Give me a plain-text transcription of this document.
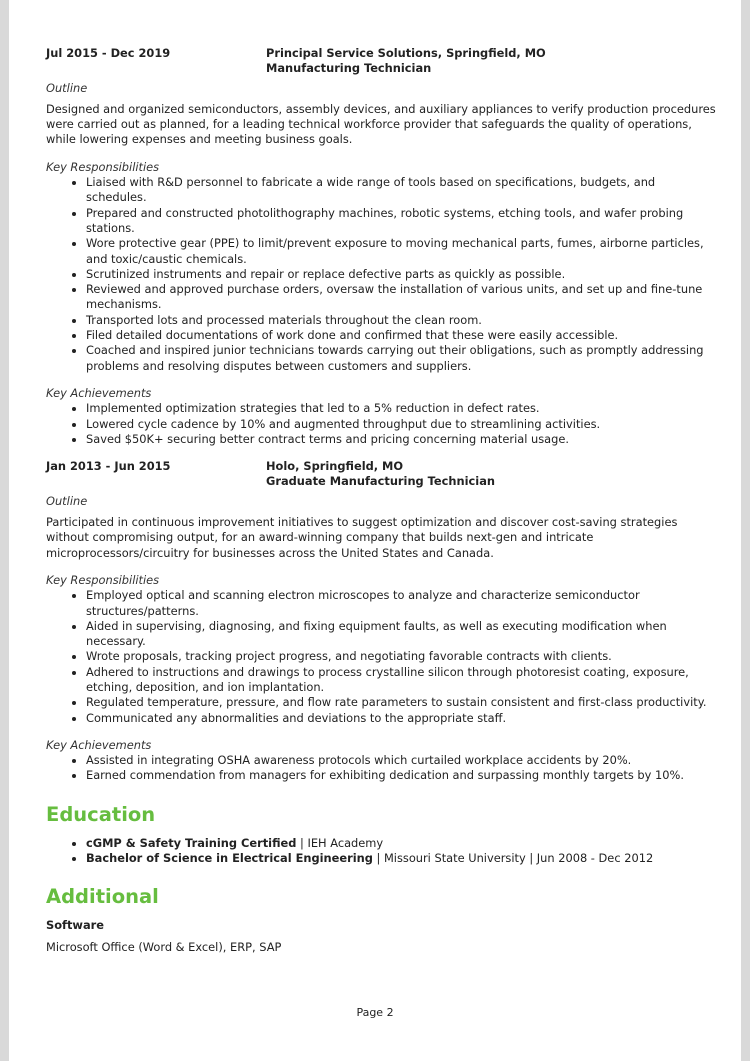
Jul 2015 - Dec 2019	Principal Service Solutions, Springfield, MO
Manufacturing Technician
Outline
Designed and organized semiconductors, assembly devices, and auxiliary appliances to verify production procedures were carried out as planned, for a leading technical workforce provider that safeguards the quality of operations, while lowering expenses and meeting business goals.
Key Responsibilities
• Liaised with R&D personnel to fabricate a wide range of tools based on specifications, budgets, and schedules.
• Prepared and constructed photolithography machines, robotic systems, etching tools, and wafer probing stations.
• Wore protective gear (PPE) to limit/prevent exposure to moving mechanical parts, fumes, airborne particles, and toxic/caustic chemicals.
• Scrutinized instruments and repair or replace defective parts as quickly as possible.
• Reviewed and approved purchase orders, oversaw the installation of various units, and set up and fine-tune mechanisms.
• Transported lots and processed materials throughout the clean room.
• Filed detailed documentations of work done and confirmed that these were easily accessible.
• Coached and inspired junior technicians towards carrying out their obligations, such as promptly addressing problems and resolving disputes between customers and suppliers.
Key Achievements
• Implemented optimization strategies that led to a 5% reduction in defect rates.
• Lowered cycle cadence by 10% and augmented throughput due to streamlining activities.
• Saved $50K+ securing better contract terms and pricing concerning material usage.
Jan 2013 - Jun 2015	Holo, Springfield, MO
Graduate Manufacturing Technician
Outline
Participated in continuous improvement initiatives to suggest optimization and discover cost-saving strategies without compromising output, for an award-winning company that builds next-gen and intricate microprocessors/circuitry for businesses across the United States and Canada.
Key Responsibilities
• Employed optical and scanning electron microscopes to analyze and characterize semiconductor structures/patterns.
• Aided in supervising, diagnosing, and fixing equipment faults, as well as executing modification when necessary.
• Wrote proposals, tracking project progress, and negotiating favorable contracts with clients.
• Adhered to instructions and drawings to process crystalline silicon through photoresist coating, exposure, etching, deposition, and ion implantation.
• Regulated temperature, pressure, and flow rate parameters to sustain consistent and first-class productivity.
• Communicated any abnormalities and deviations to the appropriate staff.
Key Achievements
• Assisted in integrating OSHA awareness protocols which curtailed workplace accidents by 20%.
• Earned commendation from managers for exhibiting dedication and surpassing monthly targets by 10%.
Education
• cGMP & Safety Training Certified | IEH Academy
• Bachelor of Science in Electrical Engineering | Missouri State University | Jun 2008 - Dec 2012
Additional
Software
Microsoft Office (Word & Excel), ERP, SAP
Page 2
